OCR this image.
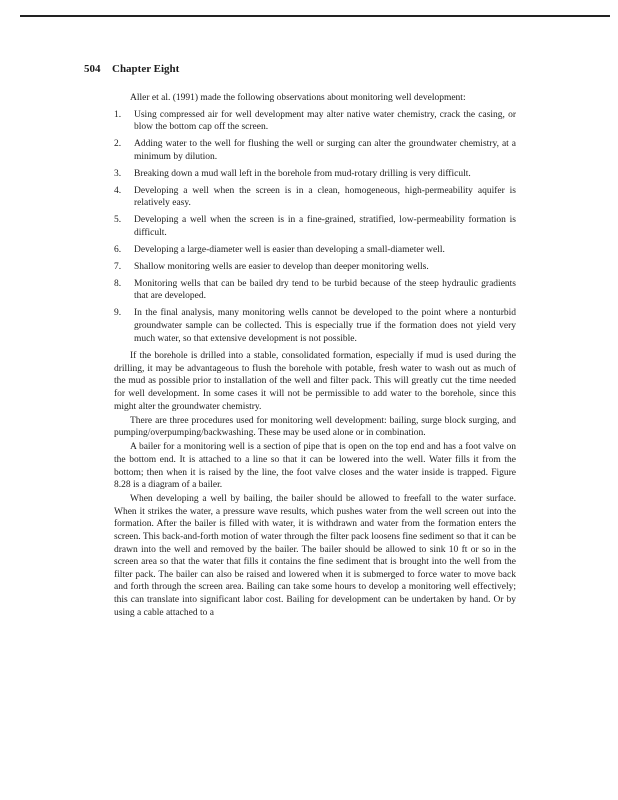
504 Chapter Eight

Aller et al. (1991) made the following observations about monitoring well development:

1. Using compressed air for well development may alter native water chemistry, crack the casing, or blow the bottom cap off the screen.
2. Adding water to the well for flushing the well or surging can alter the groundwater chemistry, at a minimum by dilution.
3. Breaking down a mud wall left in the borehole from mud-rotary drilling is very difficult.
4. Developing a well when the screen is in a clean, homogeneous, high-permeability aquifer is relatively easy.
5. Developing a well when the screen is in a fine-grained, stratified, low-permeability formation is difficult.
6. Developing a large-diameter well is easier than developing a small-diameter well.
7. Shallow monitoring wells are easier to develop than deeper monitoring wells.
8. Monitoring wells that can be bailed dry tend to be turbid because of the steep hydraulic gradients that are developed.
9. In the final analysis, many monitoring wells cannot be developed to the point where a nonturbid groundwater sample can be collected. This is especially true if the formation does not yield very much water, so that extensive development is not possible.

If the borehole is drilled into a stable, consolidated formation, especially if mud is used during the drilling, it may be advantageous to flush the borehole with potable, fresh water to wash out as much of the mud as possible prior to installation of the well and filter pack. This will greatly cut the time needed for well development. In some cases it will not be permissible to add water to the borehole, since this might alter the groundwater chemistry.

There are three procedures used for monitoring well development: bailing, surge block surging, and pumping/overpumping/backwashing. These may be used alone or in combination.

A bailer for a monitoring well is a section of pipe that is open on the top end and has a foot valve on the bottom end. It is attached to a line so that it can be lowered into the well. Water fills it from the bottom; then when it is raised by the line, the foot valve closes and the water inside is trapped. Figure 8.28 is a diagram of a bailer.

When developing a well by bailing, the bailer should be allowed to freefall to the water surface. When it strikes the water, a pressure wave results, which pushes water from the well screen out into the formation. After the bailer is filled with water, it is withdrawn and water from the formation enters the screen. This back-and-forth motion of water through the filter pack loosens fine sediment so that it can be drawn into the well and removed by the bailer. The bailer should be allowed to sink 10 ft or so in the screen area so that the water that fills it contains the fine sediment that is brought into the well from the filter pack. The bailer can also be raised and lowered when it is submerged to force water to move back and forth through the screen area. Bailing can take some hours to develop a monitoring well effectively; this can translate into significant labor cost. Bailing for development can be undertaken by hand. Or by using a cable attached to a
